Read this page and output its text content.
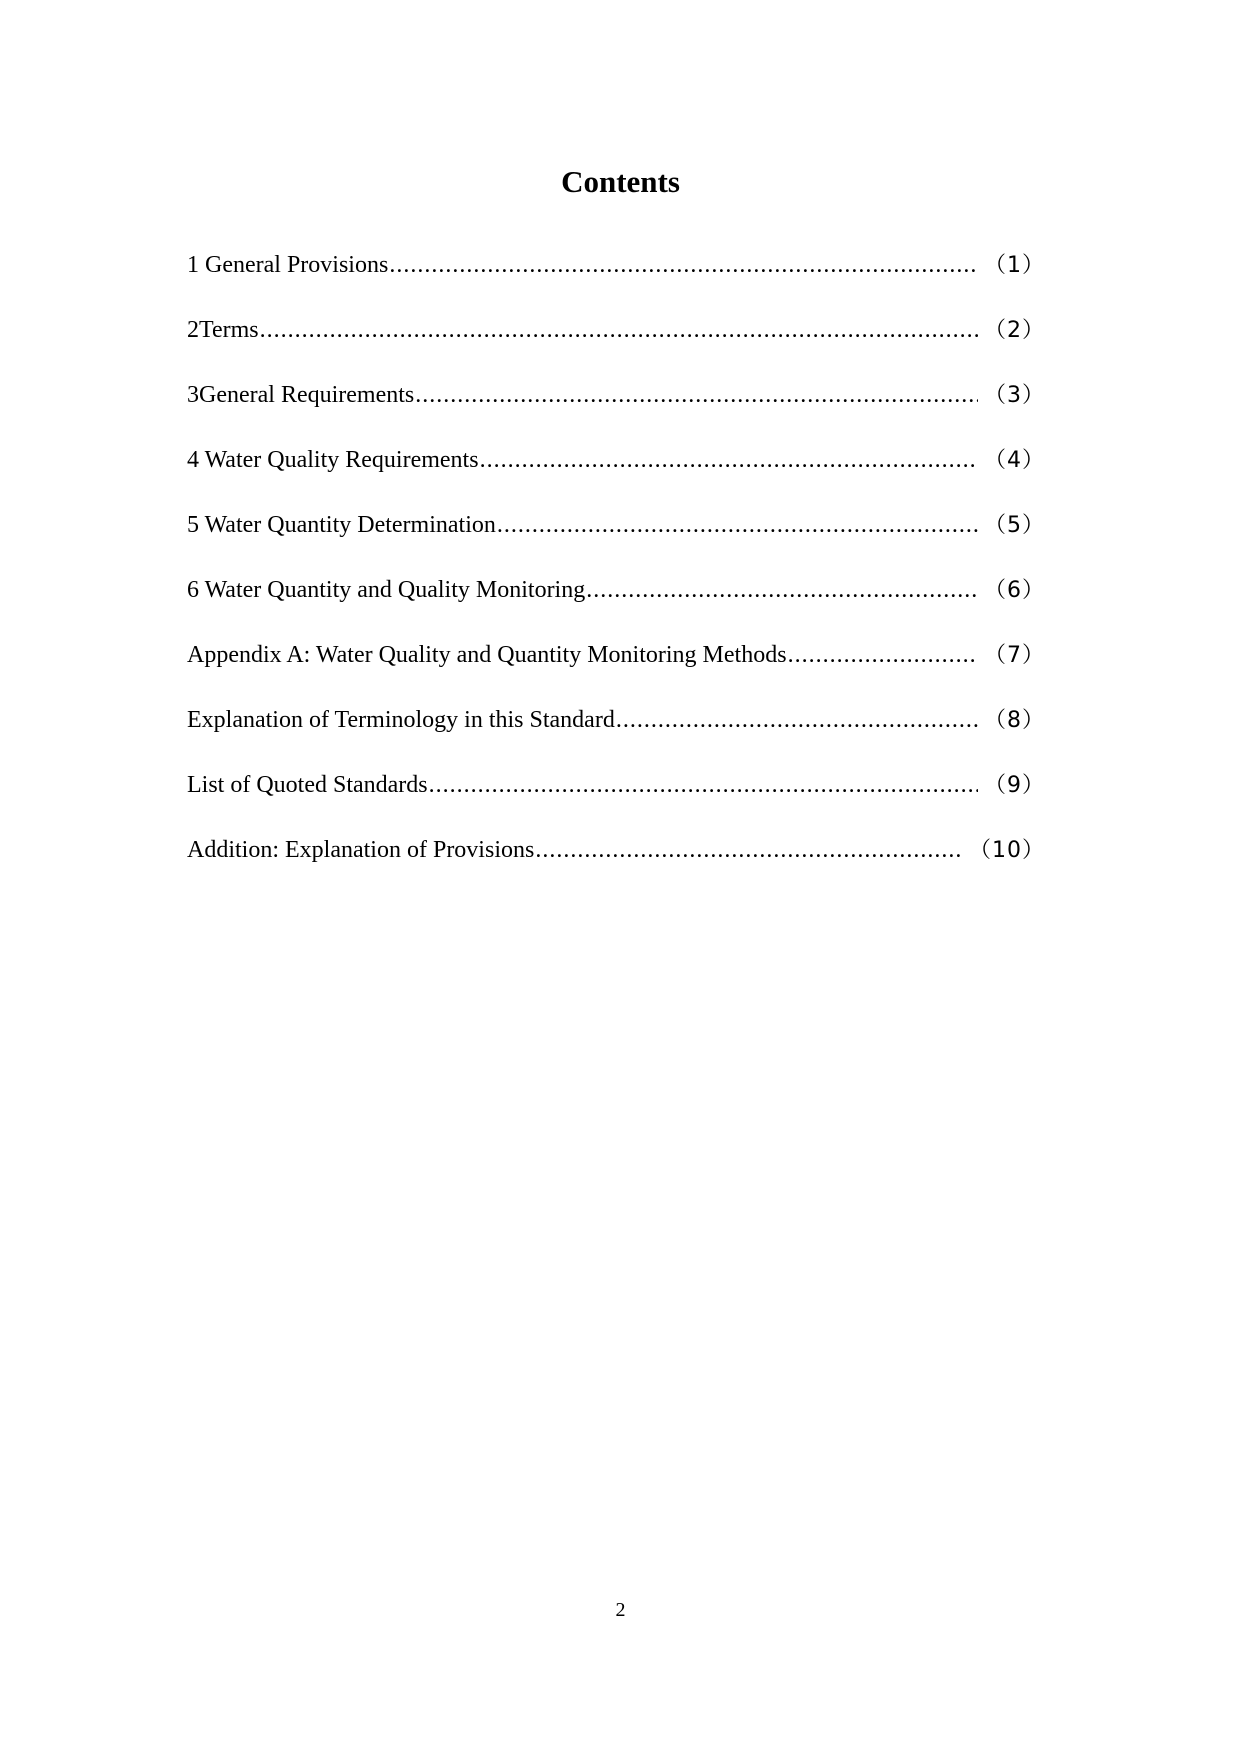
Contents
1 General Provisions .....	（1）
2Terms .....	（2）
3General Requirements .....	（3）
4 Water Quality Requirements .....	（4）
5 Water Quantity Determination .....	（5）
6 Water Quantity and Quality Monitoring .....	（6）
Appendix A: Water Quality and Quantity Monitoring Methods .....	（7）
Explanation of Terminology in this Standard .....	（8）
List of Quoted Standards .....	（9）
Addition: Explanation of Provisions .....	（10）
2
